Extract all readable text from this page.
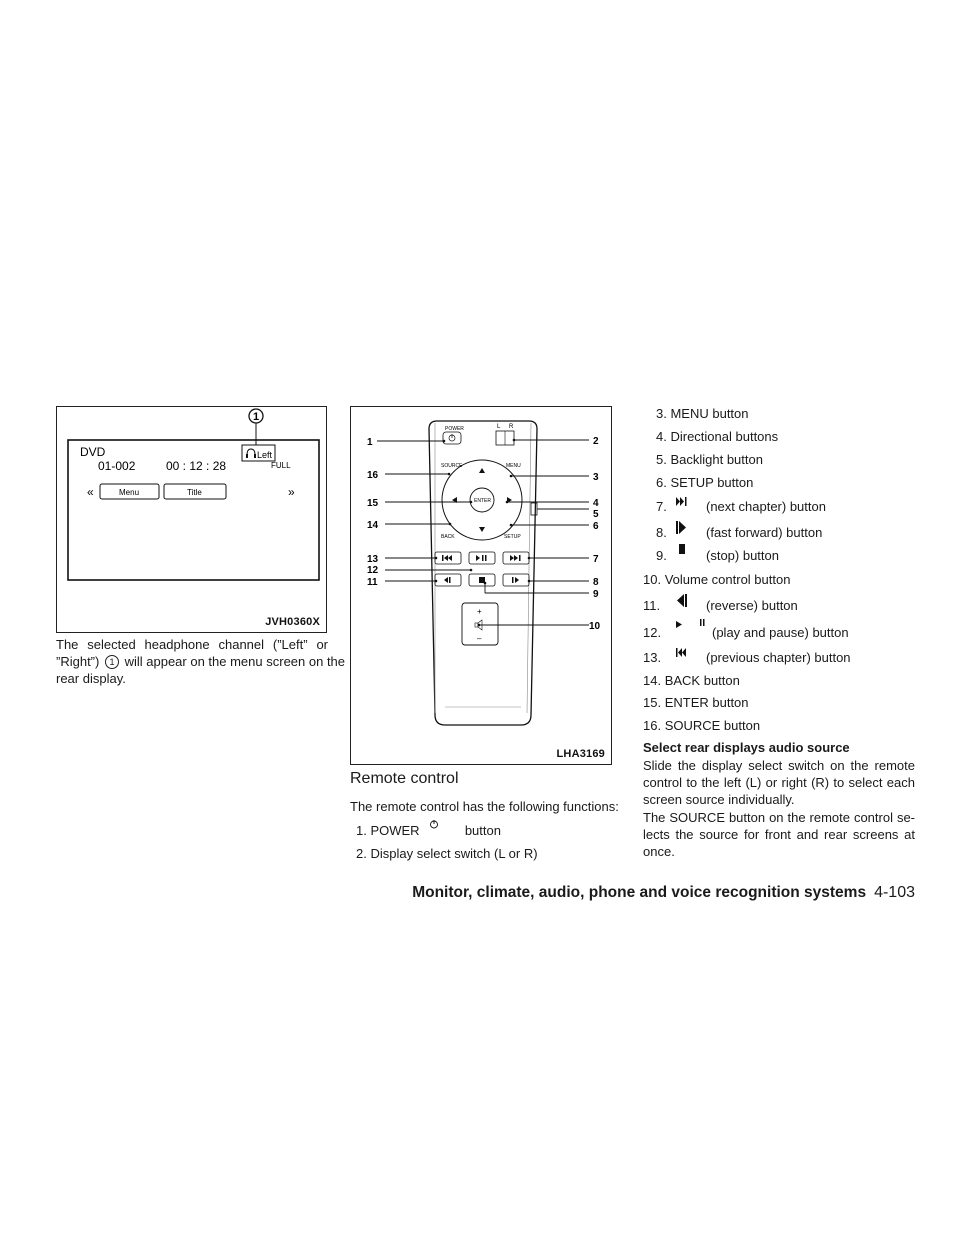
DVD
01-002	00 : 12 : 28
Left
FULL
1
«	Menu	Title	»
JVH0360X
The selected headphone channel (”Left” or
”Right”) 1 will appear on the menu screen on the
rear display.
POWER	L R
ENTER
SOURCE	MENU
BACK	SETUP
+
–
1
16
15
14
13
12
11
2
3
4
5
6
7
8
9
10
LHA3169
Remote control
The remote control has the following functions:
1. POWER	button
2. Display select switch (L or R)
3. MENU button
4. Directional buttons
5. Backlight button
6. SETUP button
7.	(next chapter) button
8.	(fast forward) button
9.	(stop) button
10. Volume control button
11.	(reverse) button
12.	(play and pause) button
13.	(previous chapter) button
14. BACK button
15. ENTER button
16. SOURCE button
Select rear displays audio source
Slide the display select switch on the remote
control to the left (L) or right (R) to select each
screen source individually.
The SOURCE button on the remote control se-
lects the source for front and rear screens at
once.
Monitor, climate, audio, phone and voice recognition systems 4-103
